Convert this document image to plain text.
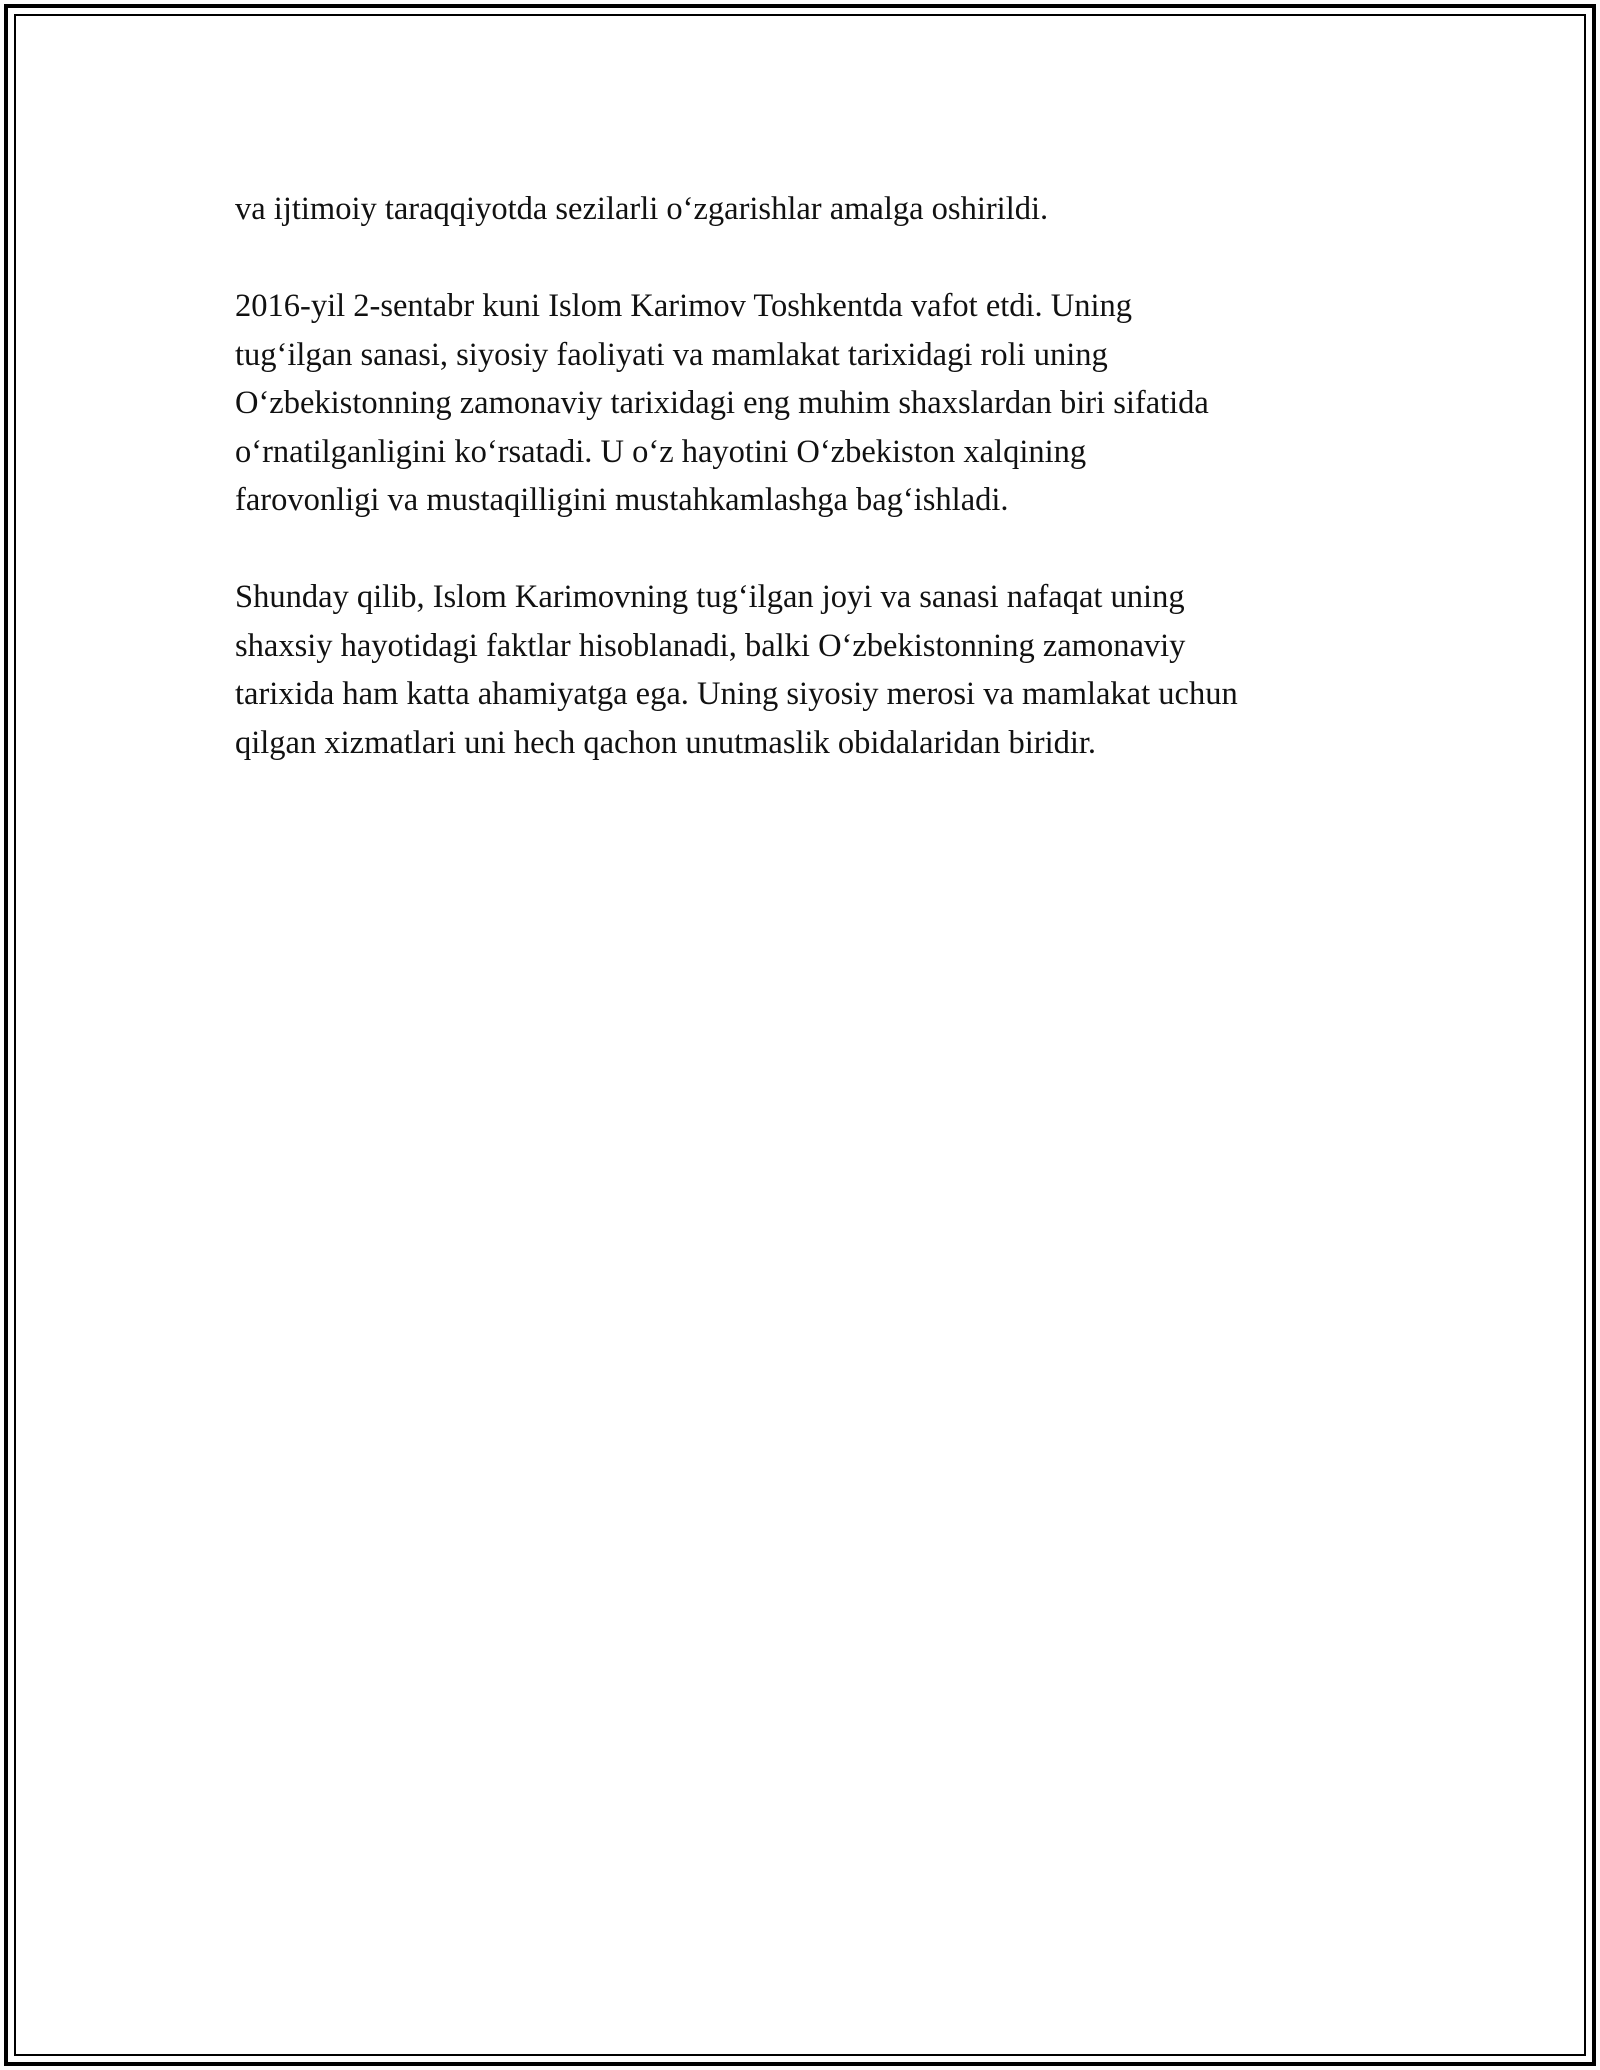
va ijtimoiy taraqqiyotda sezilarli o‘zgarishlar amalga oshirildi.

2016-yil 2-sentabr kuni Islom Karimov Toshkentda vafot etdi. Uning
tug‘ilgan sanasi, siyosiy faoliyati va mamlakat tarixidagi roli uning
O‘zbekistonning zamonaviy tarixidagi eng muhim shaxslardan biri sifatida
o‘rnatilganligini ko‘rsatadi. U o‘z hayotini O‘zbekiston xalqining
farovonligi va mustaqilligini mustahkamlashga bag‘ishladi.

Shunday qilib, Islom Karimovning tug‘ilgan joyi va sanasi nafaqat uning
shaxsiy hayotidagi faktlar hisoblanadi, balki O‘zbekistonning zamonaviy
tarixida ham katta ahamiyatga ega. Uning siyosiy merosi va mamlakat uchun
qilgan xizmatlari uni hech qachon unutmaslik obidalaridan biridir.
